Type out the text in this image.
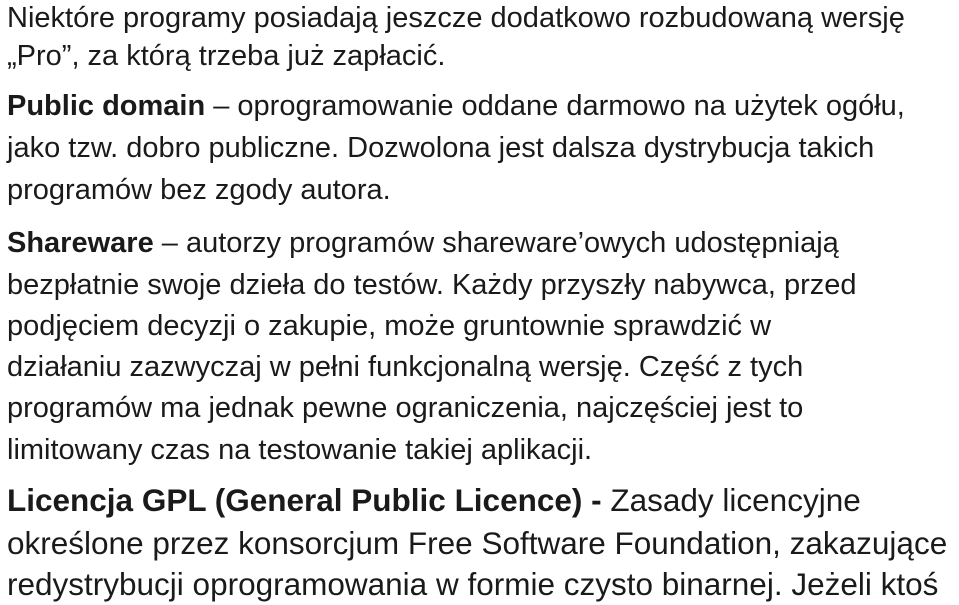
Niektóre programy posiadają jeszcze dodatkowo rozbudowaną wersję
„Pro”, za którą trzeba już zapłacić.
Public domain – oprogramowanie oddane darmowo na użytek ogółu,
jako tzw. dobro publiczne. Dozwolona jest dalsza dystrybucja takich
programów bez zgody autora.
Shareware – autorzy programów shareware’owych udostępniają
bezpłatnie swoje dzieła do testów. Każdy przyszły nabywca, przed
podjęciem decyzji o zakupie, może gruntownie sprawdzić w
działaniu zazwyczaj w pełni funkcjonalną wersję. Część z tych
programów ma jednak pewne ograniczenia, najczęściej jest to
limitowany czas na testowanie takiej aplikacji.
Licencja GPL (General Public Licence) - Zasady licencyjne
określone przez konsorcjum Free Software Foundation, zakazujące
redystrybucji oprogramowania w formie czysto binarnej. Jeżeli ktoś
